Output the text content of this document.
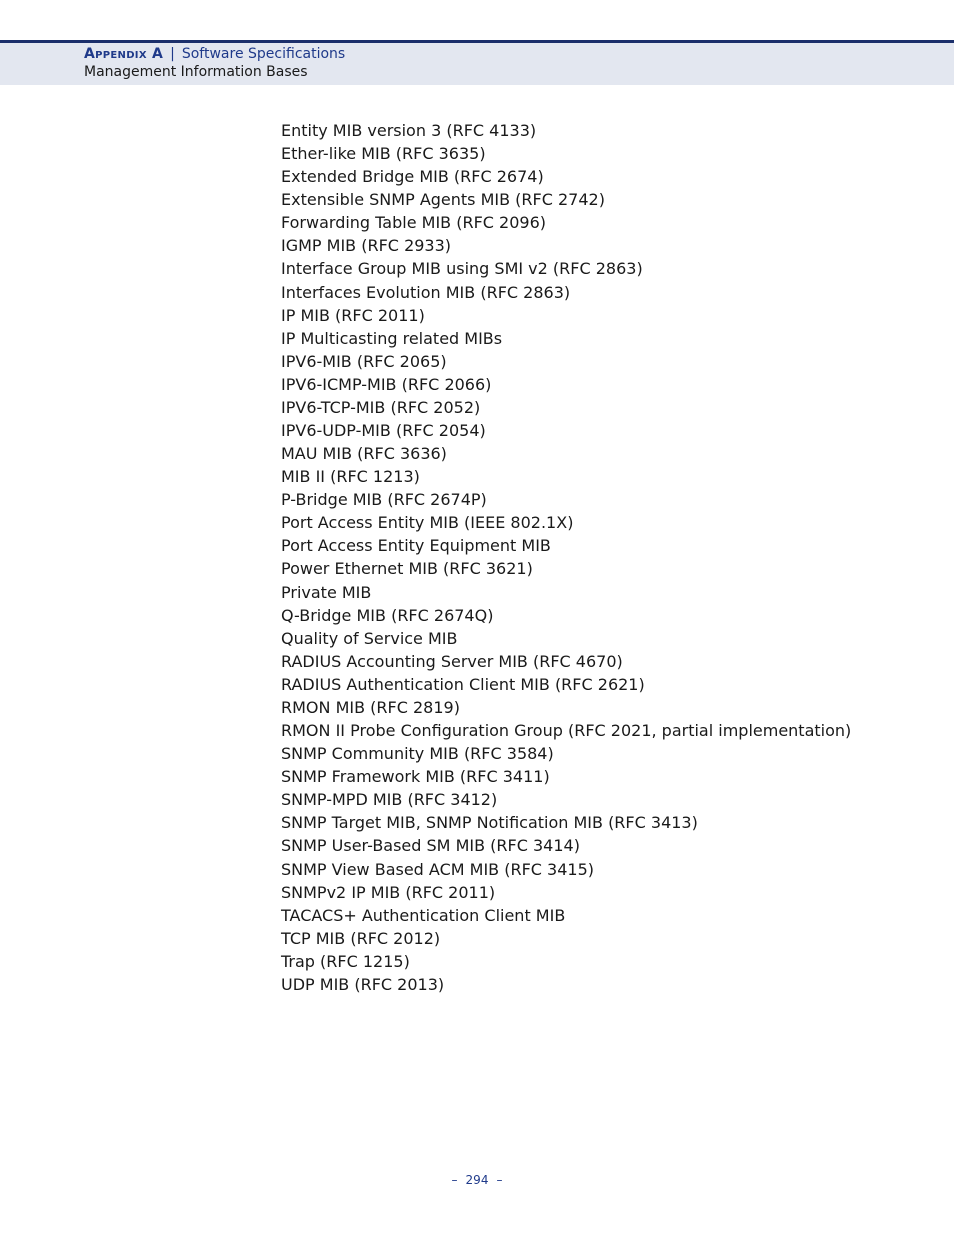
Appendix A | Software Specifications
Management Information Bases
Entity MIB version 3 (RFC 4133)
Ether-like MIB (RFC 3635)
Extended Bridge MIB (RFC 2674)
Extensible SNMP Agents MIB (RFC 2742)
Forwarding Table MIB (RFC 2096)
IGMP MIB (RFC 2933)
Interface Group MIB using SMI v2 (RFC 2863)
Interfaces Evolution MIB (RFC 2863)
IP MIB (RFC 2011)
IP Multicasting related MIBs
IPV6-MIB (RFC 2065)
IPV6-ICMP-MIB (RFC 2066)
IPV6-TCP-MIB (RFC 2052)
IPV6-UDP-MIB (RFC 2054)
MAU MIB (RFC 3636)
MIB II (RFC 1213)
P-Bridge MIB (RFC 2674P)
Port Access Entity MIB (IEEE 802.1X)
Port Access Entity Equipment MIB
Power Ethernet MIB (RFC 3621)
Private MIB
Q-Bridge MIB (RFC 2674Q)
Quality of Service MIB
RADIUS Accounting Server MIB (RFC 4670)
RADIUS Authentication Client MIB (RFC 2621)
RMON MIB (RFC 2819)
RMON II Probe Configuration Group (RFC 2021, partial implementation)
SNMP Community MIB (RFC 3584)
SNMP Framework MIB (RFC 3411)
SNMP-MPD MIB (RFC 3412)
SNMP Target MIB, SNMP Notification MIB (RFC 3413)
SNMP User-Based SM MIB (RFC 3414)
SNMP View Based ACM MIB (RFC 3415)
SNMPv2 IP MIB (RFC 2011)
TACACS+ Authentication Client MIB
TCP MIB (RFC 2012)
Trap (RFC 1215)
UDP MIB (RFC 2013)
– 294 –
